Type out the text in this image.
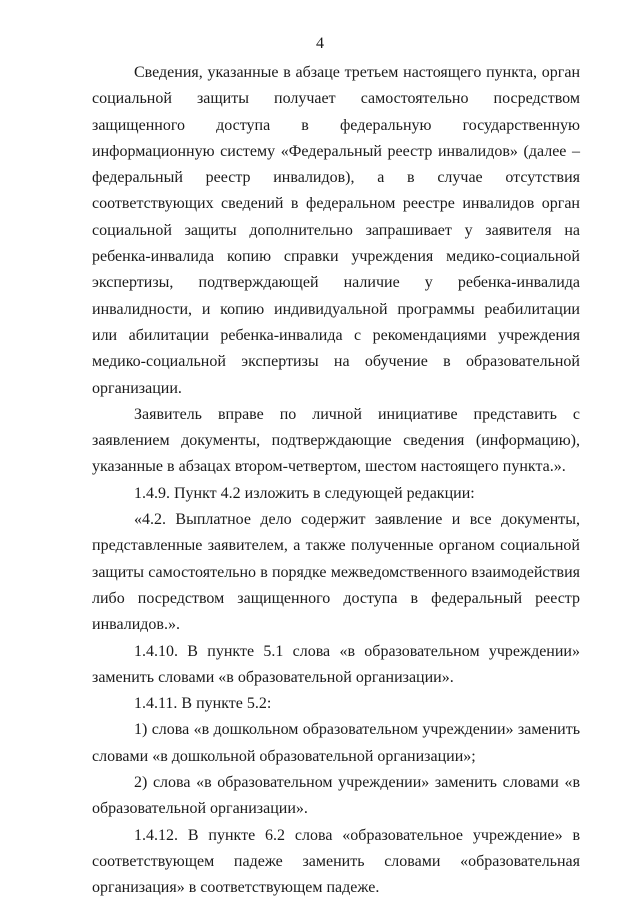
4

Сведения, указанные в абзаце третьем настоящего пункта, орган социальной защиты получает самостоятельно посредством защищенного доступа в федеральную государственную информационную систему «Федеральный реестр инвалидов» (далее – федеральный реестр инвалидов), а в случае отсутствия соответствующих сведений в федеральном реестре инвалидов орган социальной защиты дополнительно запрашивает у заявителя на ребенка-инвалида копию справки учреждения медико-социальной экспертизы, подтверждающей наличие у ребенка-инвалида инвалидности, и копию индивидуальной программы реабилитации или абилитации ребенка-инвалида с рекомендациями учреждения медико-социальной экспертизы на обучение в образовательной организации.

Заявитель вправе по личной инициативе представить с заявлением документы, подтверждающие сведения (информацию), указанные в абзацах втором-четвертом, шестом настоящего пункта.».

1.4.9. Пункт 4.2 изложить в следующей редакции:

«4.2. Выплатное дело содержит заявление и все документы, представленные заявителем, а также полученные органом социальной защиты самостоятельно в порядке межведомственного взаимодействия либо посредством защищенного доступа в федеральный реестр инвалидов.».

1.4.10. В пункте 5.1 слова «в образовательном учреждении» заменить словами «в образовательной организации».

1.4.11. В пункте 5.2:

1) слова «в дошкольном образовательном учреждении» заменить словами «в дошкольной образовательной организации»;

2) слова «в образовательном учреждении» заменить словами «в образовательной организации».

1.4.12. В пункте 6.2 слова «образовательное учреждение» в соответствующем падеже заменить словами «образовательная организация» в соответствующем падеже.
